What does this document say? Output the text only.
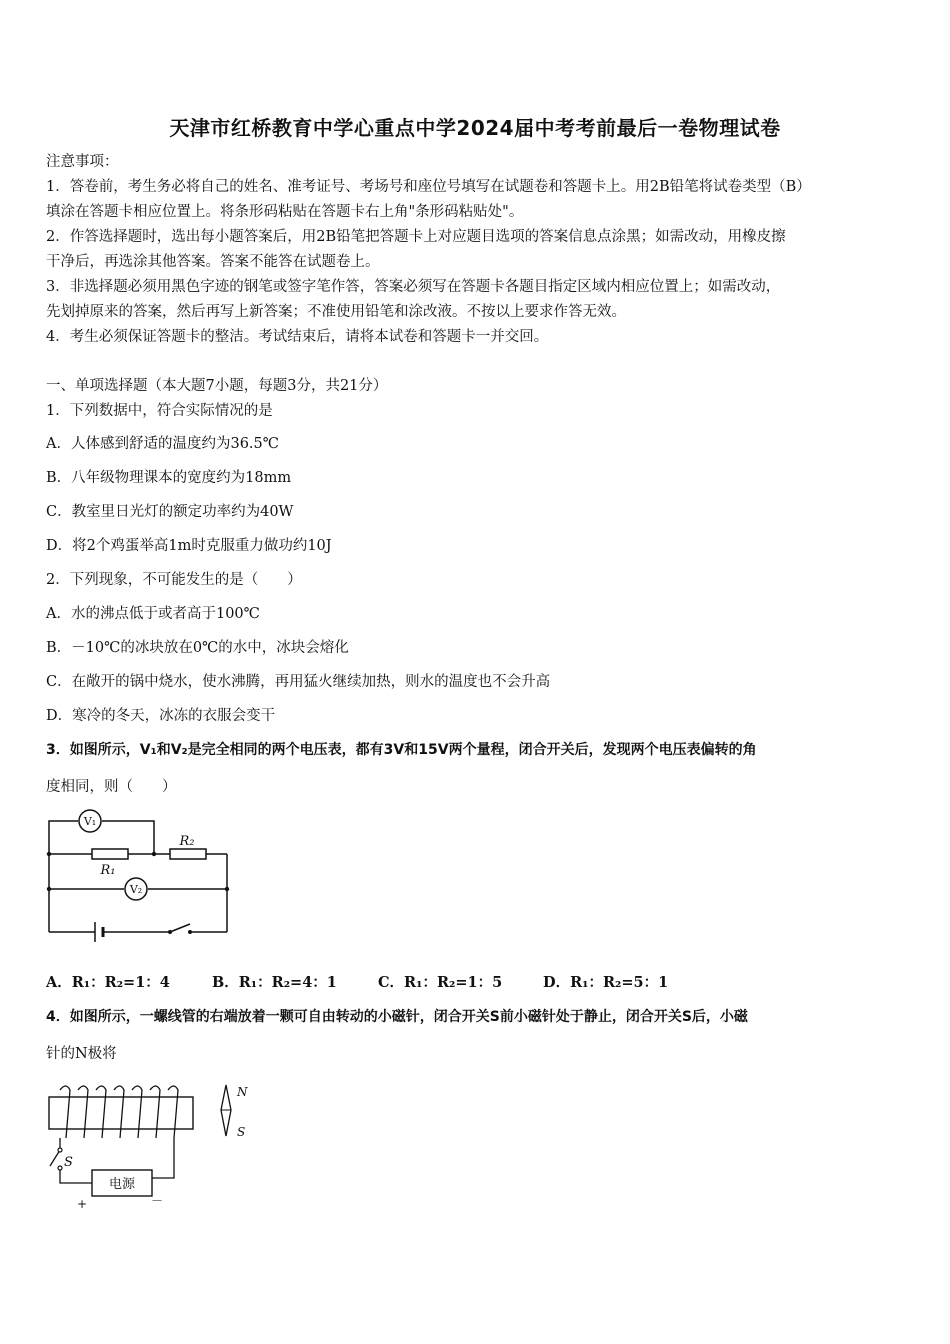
天津市红桥教育中学心重点中学2024届中考考前最后一卷物理试卷
注意事项：
1．答卷前，考生务必将自己的姓名、准考证号、考场号和座位号填写在试题卷和答题卡上。用2B铅笔将试卷类型（B）
填涂在答题卡相应位置上。将条形码粘贴在答题卡右上角"条形码粘贴处"。
2．作答选择题时，选出每小题答案后，用2B铅笔把答题卡上对应题目选项的答案信息点涂黑；如需改动，用橡皮擦
干净后，再选涂其他答案。答案不能答在试题卷上。
3．非选择题必须用黑色字迹的钢笔或签字笔作答，答案必须写在答题卡各题目指定区域内相应位置上；如需改动，
先划掉原来的答案，然后再写上新答案；不准使用铅笔和涂改液。不按以上要求作答无效。
4．考生必须保证答题卡的整洁。考试结束后，请将本试卷和答题卡一并交回。
一、单项选择题（本大题7小题，每题3分，共21分）
1．下列数据中，符合实际情况的是
A．人体感到舒适的温度约为36.5℃
B．八年级物理课本的宽度约为18mm
C．教室里日光灯的额定功率约为40W
D．将2个鸡蛋举高1m时克服重力做功约10J
2．下列现象，不可能发生的是（　　）
A．水的沸点低于或者高于100℃
B．－10℃的冰块放在0℃的水中，冰块会熔化
C．在敞开的锅中烧水，使水沸腾，再用猛火继续加热，则水的温度也不会升高
D．寒冷的冬天，冰冻的衣服会变干
3．如图所示，V₁和V₂是完全相同的两个电压表，都有3V和15V两个量程，闭合开关后，发现两个电压表偏转的角
度相同，则（　　）
V₁
V₂
R₁
R₂
A．R₁：R₂=1：4	B．R₁：R₂=4：1	C．R₁：R₂=1：5	D．R₁：R₂=5：1
4．如图所示，一螺线管的右端放着一颗可自由转动的小磁针，闭合开关S前小磁针处于静止，闭合开关S后，小磁
针的N极将
S
电源
+	－
N
S
